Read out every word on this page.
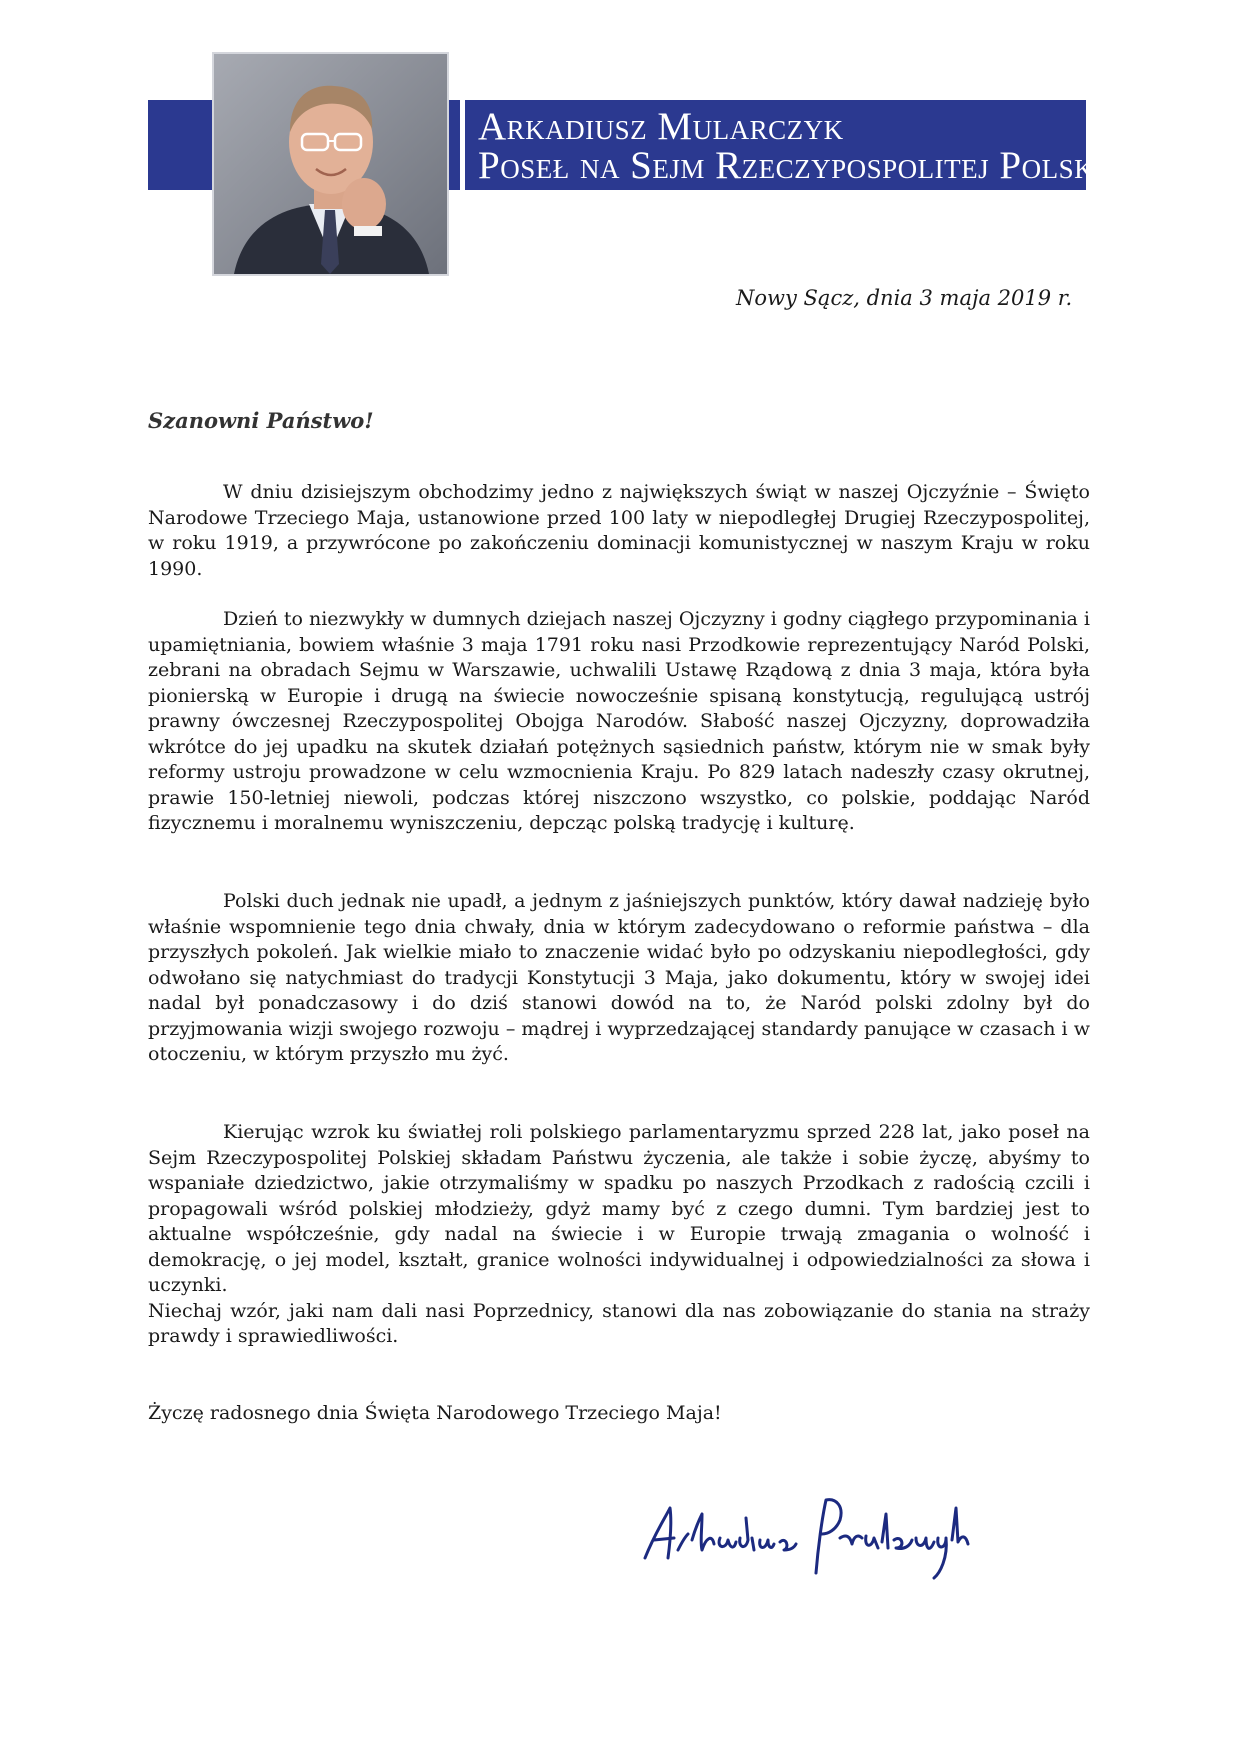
Arkadiusz Mularczyk
Poseł na Sejm Rzeczypospolitej Polskiej
Nowy Sącz, dnia 3 maja 2019 r.
Szanowni Państwo!

W dniu dzisiejszym obchodzimy jedno z największych świąt w naszej Ojczyźnie – Święto Narodowe Trzeciego Maja, ustanowione przed 100 laty w niepodległej Drugiej Rzeczypospolitej, w roku 1919, a przywrócone po zakończeniu dominacji komunistycznej w naszym Kraju w roku 1990.

Dzień to niezwykły w dumnych dziejach naszej Ojczyzny i godny ciągłego przypominania i upamiętniania, bowiem właśnie 3 maja 1791 roku nasi Przodkowie reprezentujący Naród Polski, zebrani na obradach Sejmu w Warszawie, uchwalili Ustawę Rządową z dnia 3 maja, która była pionierską w Europie i drugą na świecie nowocześnie spisaną konstytucją, regulującą ustrój prawny ówczesnej Rzeczypospolitej Obojga Narodów. Słabość naszej Ojczyzny, doprowadziła wkrótce do jej upadku na skutek działań potężnych sąsiednich państw, którym nie w smak były reformy ustroju prowadzone w celu wzmocnienia Kraju. Po 829 latach nadeszły czasy okrutnej, prawie 150-letniej niewoli, podczas której niszczono wszystko, co polskie, poddając Naród fizycznemu i moralnemu wyniszczeniu, depcząc polską tradycję i kulturę.

Polski duch jednak nie upadł, a jednym z jaśniejszych punktów, który dawał nadzieję było właśnie wspomnienie tego dnia chwały, dnia w którym zadecydowano o reformie państwa – dla przyszłych pokoleń. Jak wielkie miało to znaczenie widać było po odzyskaniu niepodległości, gdy odwołano się natychmiast do tradycji Konstytucji 3 Maja, jako dokumentu, który w swojej idei nadal był ponadczasowy i do dziś stanowi dowód na to, że Naród polski zdolny był do przyjmowania wizji swojego rozwoju – mądrej i wyprzedzającej standardy panujące w czasach i w otoczeniu, w którym przyszło mu żyć.

Kierując wzrok ku światłej roli polskiego parlamentaryzmu sprzed 228 lat, jako poseł na Sejm Rzeczypospolitej Polskiej składam Państwu życzenia, ale także i sobie życzę, abyśmy to wspaniałe dziedzictwo, jakie otrzymaliśmy w spadku po naszych Przodkach z radością czcili i propagowali wśród polskiej młodzieży, gdyż mamy być z czego dumni. Tym bardziej jest to aktualne współcześnie, gdy nadal na świecie i w Europie trwają zmagania o wolność i demokrację, o jej model, kształt, granice wolności indywidualnej i odpowiedzialności za słowa i uczynki.
Niechaj wzór, jaki nam dali nasi Poprzednicy, stanowi dla nas zobowiązanie do stania na straży prawdy i sprawiedliwości.
Życzę radosnego dnia Święta Narodowego Trzeciego Maja!
